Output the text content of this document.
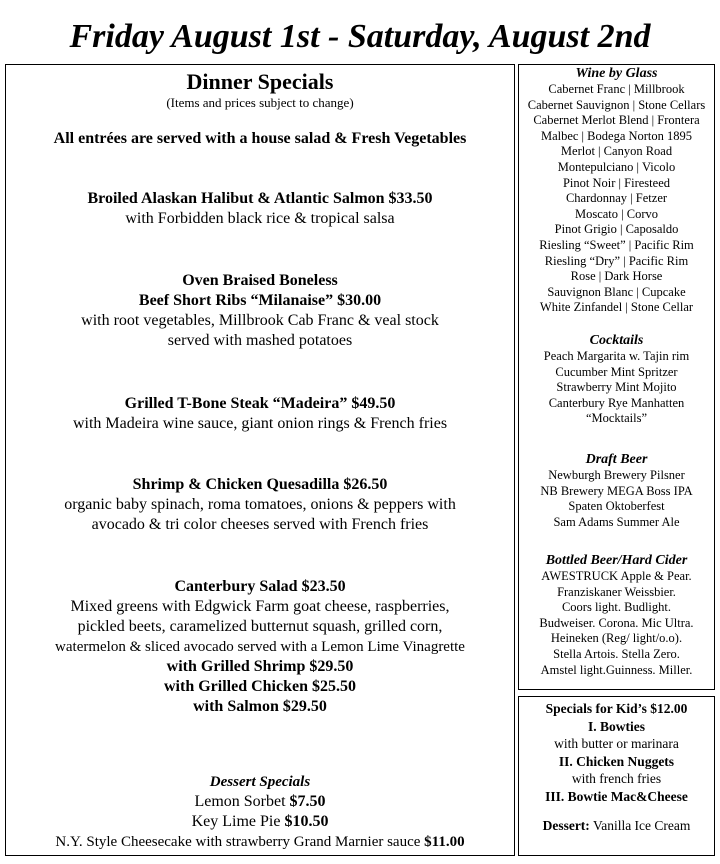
Friday August 1st - Saturday, August 2nd
Dinner Specials
(Items and prices subject to change)
All entrées are served with a house salad & Fresh Vegetables
Broiled Alaskan Halibut & Atlantic Salmon $33.50
with Forbidden black rice & tropical salsa
Oven Braised Boneless
Beef Short Ribs “Milanaise” $30.00
with root vegetables, Millbrook Cab Franc & veal stock
served with mashed potatoes
Grilled T-Bone Steak “Madeira” $49.50
with Madeira wine sauce, giant onion rings & French fries
Shrimp & Chicken Quesadilla $26.50
organic baby spinach, roma tomatoes, onions & peppers with
avocado & tri color cheeses served with French fries
Canterbury Salad $23.50
Mixed greens with Edgwick Farm goat cheese, raspberries,
pickled beets, caramelized butternut squash, grilled corn,
watermelon & sliced avocado served with a Lemon Lime Vinagrette
with Grilled Shrimp $29.50
with Grilled Chicken $25.50
with Salmon $29.50
Dessert Specials
Lemon Sorbet $7.50
Key Lime Pie $10.50
N.Y. Style Cheesecake with strawberry Grand Marnier sauce $11.00
Wine by Glass
Cabernet Franc | Millbrook
Cabernet Sauvignon | Stone Cellars
Cabernet Merlot Blend | Frontera
Malbec | Bodega Norton 1895
Merlot | Canyon Road
Montepulciano | Vicolo
Pinot Noir | Firesteed
Chardonnay | Fetzer
Moscato | Corvo
Pinot Grigio | Caposaldo
Riesling “Sweet” | Pacific Rim
Riesling “Dry” | Pacific Rim
Rose | Dark Horse
Sauvignon Blanc | Cupcake
White Zinfandel | Stone Cellar
Cocktails
Peach Margarita w. Tajin rim
Cucumber Mint Spritzer
Strawberry Mint Mojito
Canterbury Rye Manhatten
“Mocktails”
Draft Beer
Newburgh Brewery Pilsner
NB Brewery MEGA Boss IPA
Spaten Oktoberfest
Sam Adams Summer Ale
Bottled Beer/Hard Cider
AWESTRUCK Apple & Pear.
Franziskaner Weissbier.
Coors light. Budlight.
Budweiser. Corona. Mic Ultra.
Heineken (Reg/ light/o.o).
Stella Artois. Stella Zero.
Amstel light.Guinness. Miller.
Specials for Kid’s $12.00
I. Bowties
with butter or marinara
II. Chicken Nuggets
with french fries
III. Bowtie Mac&Cheese
Dessert: Vanilla Ice Cream
